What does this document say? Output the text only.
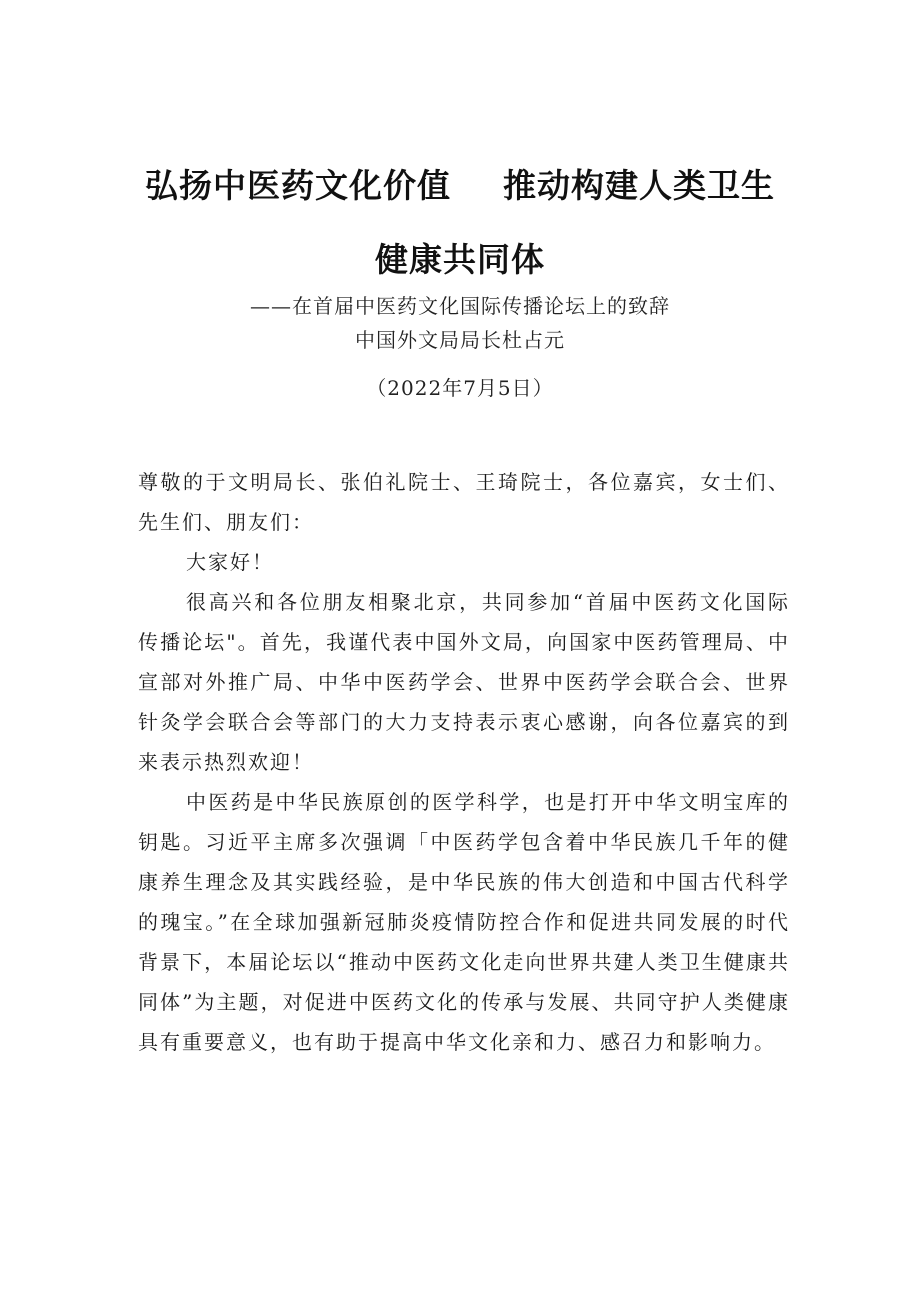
弘扬中医药文化价值 推动构建人类卫生
健康共同体
——在首届中医药文化国际传播论坛上的致辞
中国外文局局长杜占元
（2022年7月5日）

尊敬的于文明局长、张伯礼院士、王琦院士，各位嘉宾，女士们、先生们、朋友们：

大家好！

很高兴和各位朋友相聚北京，共同参加“首届中医药文化国际传播论坛"。首先，我谨代表中国外文局，向国家中医药管理局、中宣部对外推广局、中华中医药学会、世界中医药学会联合会、世界针灸学会联合会等部门的大力支持表示衷心感谢，向各位嘉宾的到来表示热烈欢迎！

中医药是中华民族原创的医学科学，也是打开中华文明宝库的钥匙。习近平主席多次强调「中医药学包含着中华民族几千年的健康养生理念及其实践经验，是中华民族的伟大创造和中国古代科学的瑰宝。”在全球加强新冠肺炎疫情防控合作和促进共同发展的时代背景下，本届论坛以“推动中医药文化走向世界共建人类卫生健康共同体”为主题，对促进中医药文化的传承与发展、共同守护人类健康具有重要意义，也有助于提高中华文化亲和力、感召力和影响力。
